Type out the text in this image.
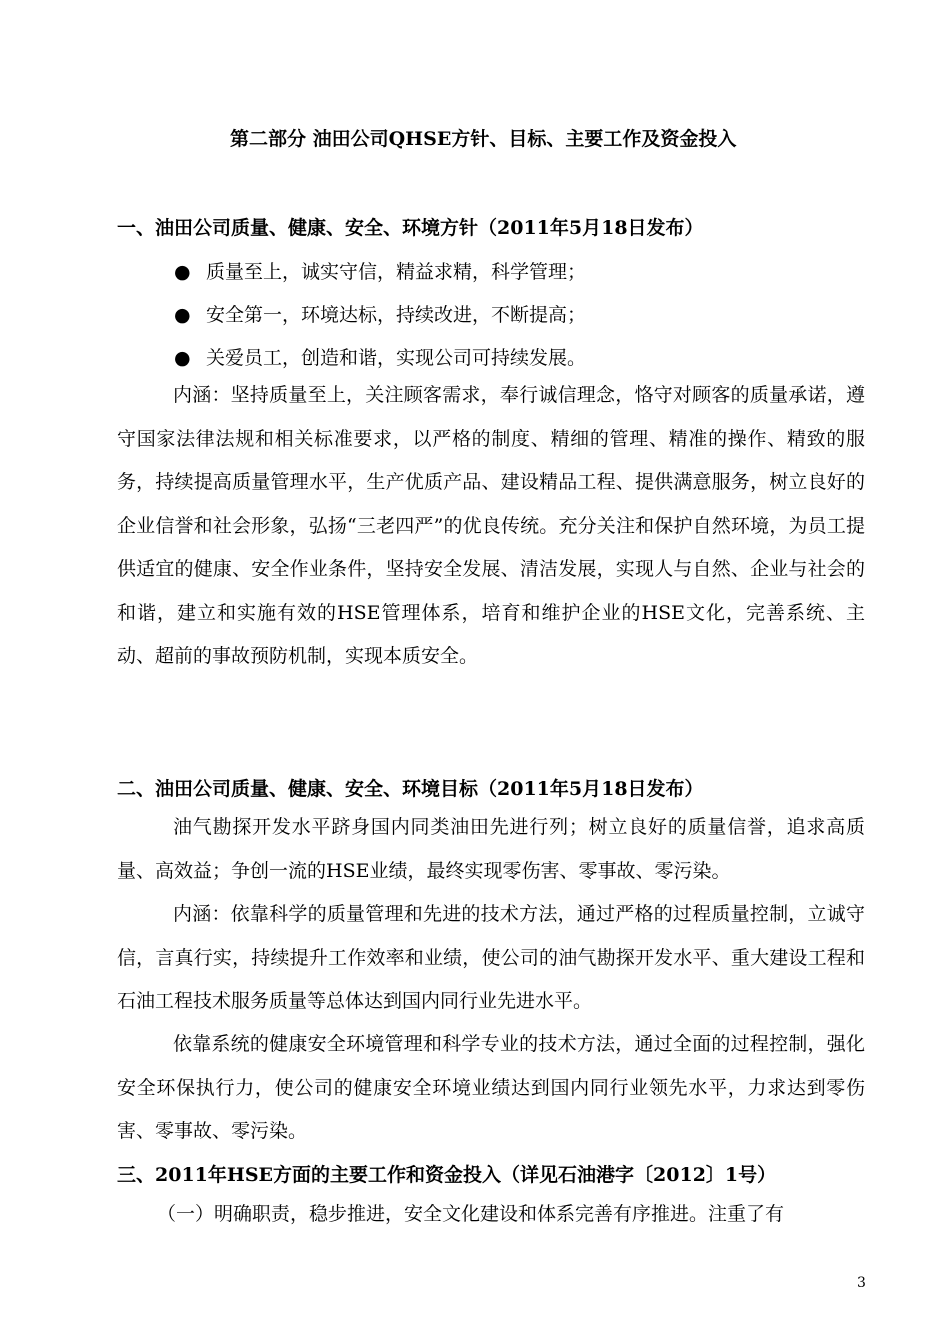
第二部分 油田公司QHSE方针、目标、主要工作及资金投入
一、油田公司质量、健康、安全、环境方针（2011年5月18日发布）
● 质量至上，诚实守信，精益求精，科学管理；
● 安全第一，环境达标，持续改进，不断提高；
● 关爱员工，创造和谐，实现公司可持续发展。
内涵：坚持质量至上，关注顾客需求，奉行诚信理念，恪守对顾客的质量承诺，遵守国家法律法规和相关标准要求，以严格的制度、精细的管理、精准的操作、精致的服务，持续提高质量管理水平，生产优质产品、建设精品工程、提供满意服务，树立良好的企业信誉和社会形象，弘扬“三老四严”的优良传统。充分关注和保护自然环境，为员工提供适宜的健康、安全作业条件，坚持安全发展、清洁发展，实现人与自然、企业与社会的和谐，建立和实施有效的HSE管理体系，培育和维护企业的HSE文化，完善系统、主动、超前的事故预防机制，实现本质安全。
二、油田公司质量、健康、安全、环境目标（2011年5月18日发布）
油气勘探开发水平跻身国内同类油田先进行列；树立良好的质量信誉，追求高质量、高效益；争创一流的HSE业绩，最终实现零伤害、零事故、零污染。
内涵：依靠科学的质量管理和先进的技术方法，通过严格的过程质量控制，立诚守信，言真行实，持续提升工作效率和业绩，使公司的油气勘探开发水平、重大建设工程和石油工程技术服务质量等总体达到国内同行业先进水平。
依靠系统的健康安全环境管理和科学专业的技术方法，通过全面的过程控制，强化安全环保执行力，使公司的健康安全环境业绩达到国内同行业领先水平，力求达到零伤害、零事故、零污染。
三、2011年HSE方面的主要工作和资金投入（详见石油港字〔2012〕1号）
（一）明确职责，稳步推进，安全文化建设和体系完善有序推进。注重了有
3
